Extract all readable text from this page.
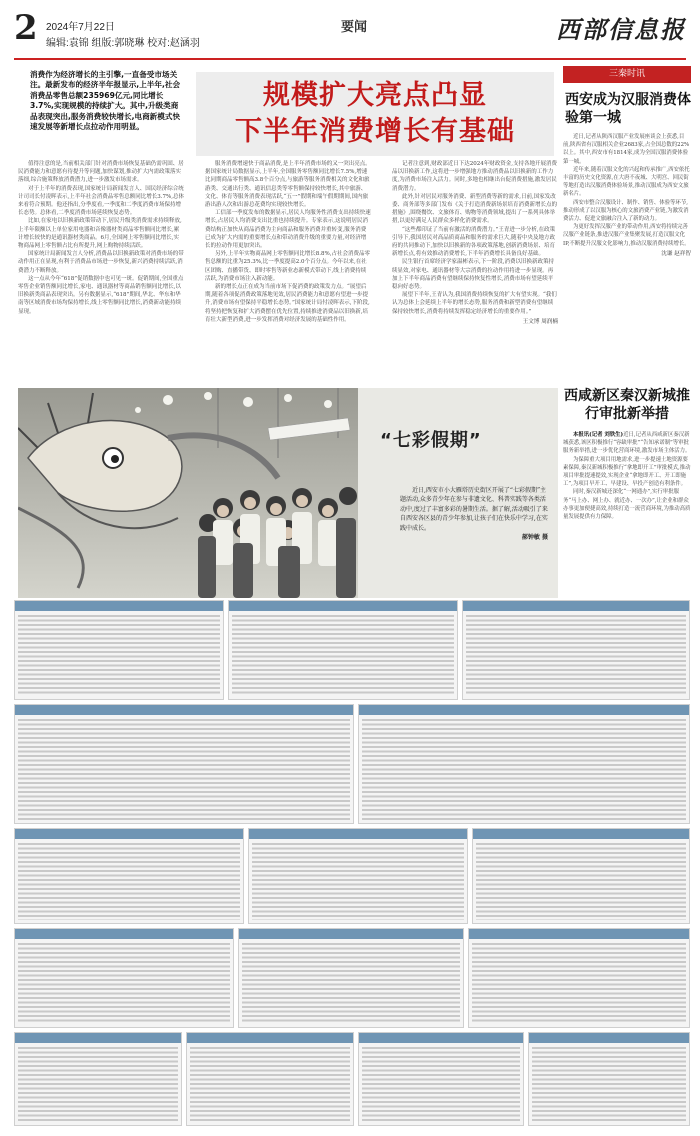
2 2024年7月22日
编辑:袁锦 组版:郭晓琳 校对:赵涵羽
要闻	西部信息报
消费作为经济增长的主引擎,一直备受市场关注。最新发布的经济半年报显示,上半年,社会消费品零售总额235969亿元,同比增长3.7%,实现规模的持续扩大。其中,升级类商品表现突出,服务消费较快增长,电商新模式快速发展等新增长点拉动作用明显。
规模扩大亮点凸显
下半年消费增长有基础

值得注意的是,当前相关部门针对消费市场恢复基础仍需巩固、居民消费能力和意愿有待提升等问题,加快谋划,推动扩大内需政策落实落细,综合施策释放消费潜力,进一步激发市场需求。

对于上半年的消费表现,国家统计局新闻发言人、国民经济综合统计司司长付凌晖表示,上半年社会消费品零售总额同比增长3.7%,总体来看符合预期。他还指出,分季度看,一季度和二季度消费市场保持增长态势。总体看,二季度消费市场延续恢复态势。

比如,在家电以旧换新政策带动下,居民升级类消费需求持续释放,上半年限额以上单位家用电器和音像器材类商品零售额同比增长,累计增长较快的是通讯器材类商品。6月,全国网上零售额同比增长,实物商品网上零售额占比有所提升,网上购物持续活跃。

国家统计局新闻发言人分析,消费品以旧换新政策对消费市场的带动作用正在显现,有利于消费品市场进一步恢复,新兴消费持续活跃,消费潜力不断释放。

这一点从今年“618”促销数据中也可见一斑。促销期间,全国重点零售企业销售额同比增长,家电、通讯器材等商品销售额同比增长,以旧换新类商品表现突出。另有数据显示,“618”期间,华北、华东和华南等区域消费市场均保持增长,线上零售额同比增长,消费新动能持续显现。

服务消费增速快于商品消费,是上半年消费市场的又一突出亮点。据国家统计局数据显示,上半年,全国服务零售额同比增长7.5%,增速比同期商品零售额高3.8个百分点,与旅游等服务消费相关的文化和旅游类、交通出行类、通讯信息类等零售额保持较快增长,其中旅游、文化、体育等服务消费表现活跃,“五一”假期和端午假期期间,国内旅游出游人次和出游总花费均实现较快增长。

工信部一季度发布的数据显示,居民人均服务性消费支出持续快速增长,占居民人均消费支出比重也持续提升。专家表示,这说明居民消费结构正加快从商品消费为主向商品和服务消费并重转变,服务消费已成为扩大内需的重要增长点和带动消费升级的重要力量,对经济增长的拉动作用更加突出。

另外,上半年实物商品网上零售额同比增长8.8%,占社会消费品零售总额的比重为25.3%,比一季度提高2.0个百分点。今年以来,在社区团购、直播带货、即时零售等新业态新模式带动下,线上消费持续活跃,为消费市场注入新动能。

新的增长点正在成为当前市场下促消费的政策发力点。“展望后期,随着各项促消费政策落地见效,居民消费能力和意愿有望进一步提升,消费市场有望保持平稳增长态势。”国家统计局付凌晖表示,下阶段,将坚持把恢复和扩大消费摆在优先位置,持续推进消费品以旧换新,培育壮大新型消费,进一步发挥消费对经济发展的基础性作用。

记者注意到,财政部近日下达2024年财政资金,支持各地开展消费品以旧换新工作,这将进一步增强地方推动消费品以旧换新的工作力度,为消费市场注入活力。同时,多地也相继出台促消费措施,激发居民消费潜力。

此外,针对居民对服务消费、新型消费等新的需求,日前,国家发改委、商务部等多部门发布《关于打造消费新场景培育消费新增长点的措施》,围绕餐饮、文旅体育、购物等消费领域,提出了一系列具体举措,以更好满足人民群众多样化消费需求。

“这些都印证了当前有激活的消费潜力。”王青进一步分析,在政策引导下,我国居民对高品质商品和服务的需求巨大,随着中央及地方政府的共同推动下,加快以旧换新的各项政策落地,创新消费场景、培育新增长点,将有效推动消费增长,下半年消费增长具备良好基础。

民生银行首席经济学家温彬表示,下一阶段,消费以旧换新政策持续显效,对家电、通讯器材等大宗消费的拉动作用将进一步显现。再加上下半年商品消费有望继续保持恢复性增长,消费市场有望延续平稳向好态势。

展望下半年,王青认为,我国消费持续恢复的扩大有望实现。“我们认为总体上会延续上半年的增长态势,服务消费和新型消费有望继续保持较快增长,消费将持续发挥稳定经济增长的重要作用。”

王文博 周润楠
“七彩假期”
近日,西安市小大雁塔历史街区开展了“七彩假期”主题活动,众多青少年在参与非遗文化、科普实践等各类活动中,度过了丰富多彩的暑期生活。据了解,活动吸引了来自西安各区县的青少年参加,让孩子们在快乐中学习,在实践中成长。
郝钟敏 摄
三秦时讯
西安成为汉服消费体验第一城

近日,记者从陕西汉服产业发展座谈会上获悉,目前,陕西省有汉服相关企业2683家,占全国总数的22%以上。其中,西安市有1814家,成为全国汉服消费体验第一城。

近年来,随着汉服文化的兴起和传承推广,西安依托丰富的历史文化资源,在大唐不夜城、大明宫、回民街等地打造出汉服消费体验场景,推动汉服成为西安文旅新名片。

西安市整合汉服设计、制作、销售、体验等环节,推动形成了以汉服为核心的文旅消费产业链,为激发消费活力、促进文旅融合注入了新的动力。

为更好发挥汉服产业的带动作用,西安将持续完善汉服产业链条,推进汉服产业集聚发展,打造汉服文化IP,不断提升汉服文化影响力,推动汉服消费持续增长。

沈谦 赵祥智
西咸新区秦汉新城推行审批新举措

本报讯(记者 刘铁生)近日,记者从西咸新区秦汉新城获悉,该区积极推行“容缺审批”“告知承诺制”等审批服务新举措,进一步优化营商环境,激发市场主体活力。

为保障重大项目用地需求,进一步提速土地资源要素保障,秦汉新城积极推行“拿地即开工”审批模式,推动项目审批提速提效,实现企业“拿地即开工、开工即施工”,为项目早开工、早建设、早投产创造有利条件。

同时,秦汉新城还深化“一网通办”,实行审批服务“马上办、网上办、就近办、一次办”,让企业和群众办事更加便捷高效,持续打造一流营商环境,为推动高质量发展提供有力保障。
